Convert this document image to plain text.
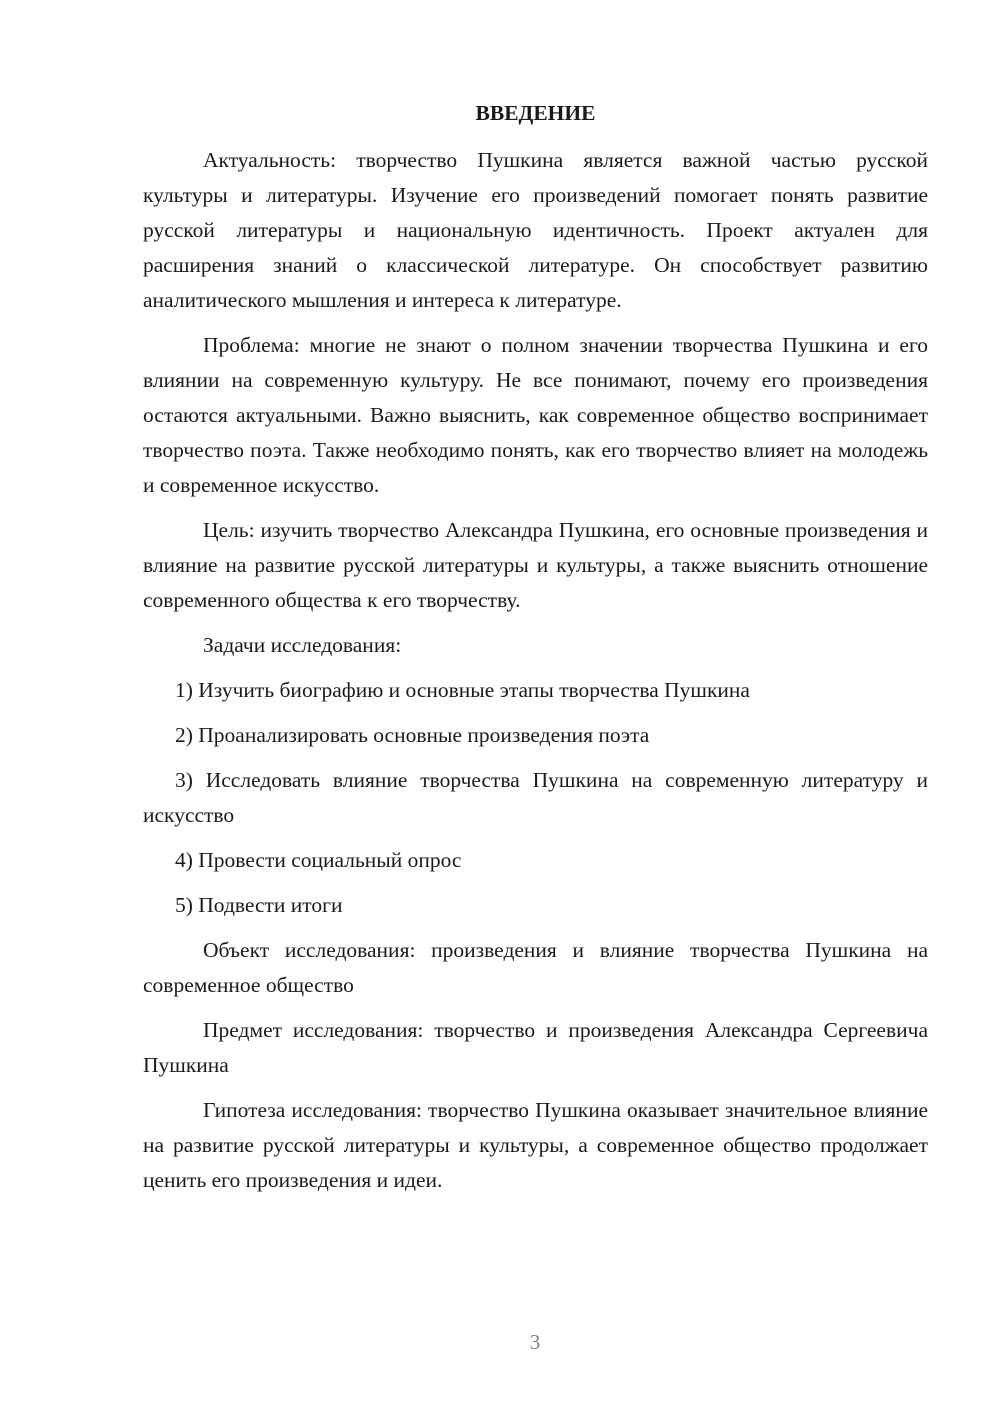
ВВЕДЕНИЕ

Актуальность: творчество Пушкина является важной частью русской культуры и литературы. Изучение его произведений помогает понять развитие русской литературы и национальную идентичность. Проект актуален для расширения знаний о классической литературе. Он способствует развитию аналитического мышления и интереса к литературе.

Проблема: многие не знают о полном значении творчества Пушкина и его влиянии на современную культуру. Не все понимают, почему его произведения остаются актуальными. Важно выяснить, как современное общество воспринимает творчество поэта. Также необходимо понять, как его творчество влияет на молодежь и современное искусство.

Цель: изучить творчество Александра Пушкина, его основные произведения и влияние на развитие русской литературы и культуры, а также выяснить отношение современного общества к его творчеству.

Задачи исследования:

1) Изучить биографию и основные этапы творчества Пушкина

2) Проанализировать основные произведения поэта

3) Исследовать влияние творчества Пушкина на современную литературу и искусство

4) Провести социальный опрос

5) Подвести итоги

Объект исследования: произведения и влияние творчества Пушкина на современное общество

Предмет исследования: творчество и произведения Александра Сергеевича Пушкина

Гипотеза исследования: творчество Пушкина оказывает значительное влияние на развитие русской литературы и культуры, а современное общество продолжает ценить его произведения и идеи.

3
